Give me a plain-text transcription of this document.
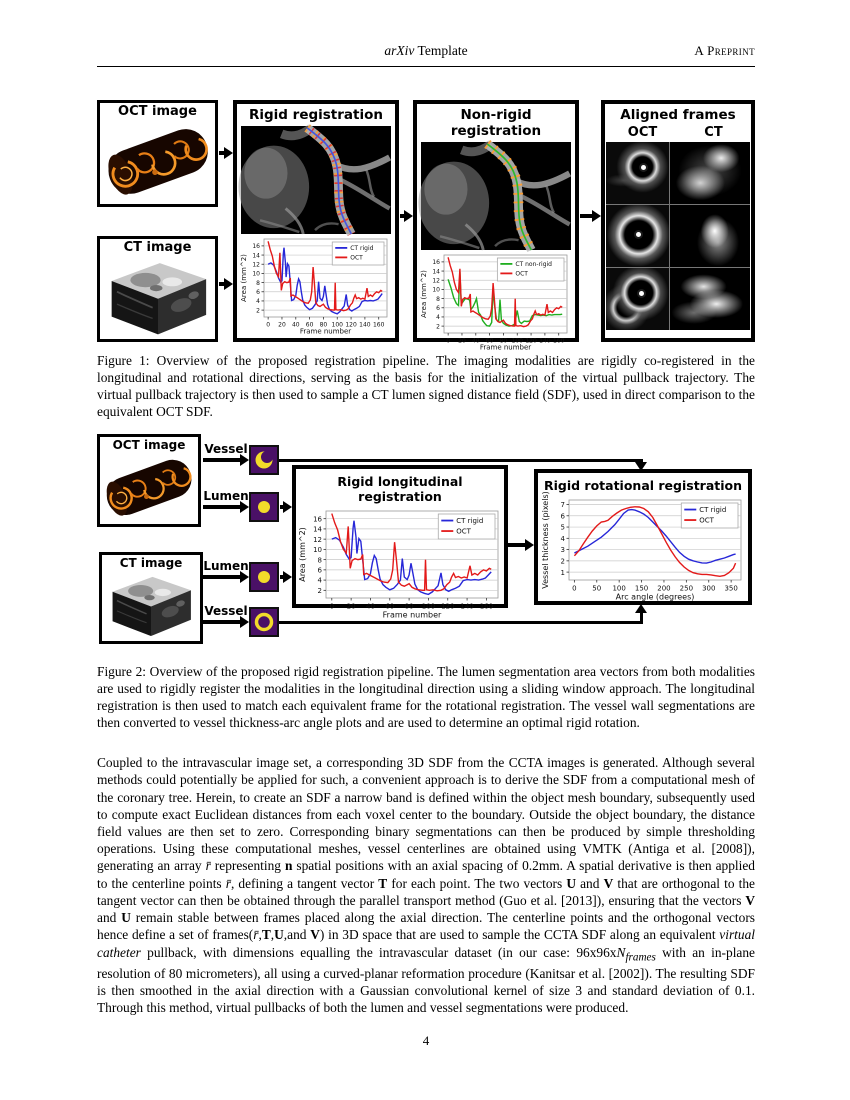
arXiv Template	A Preprint
OCT image
CT image
Rigid registration
2
4
6
8
10
12
14
16
0 20 40 60 80 100 120 140 160
Frame number
Area (mm^2)
CT rigid
OCT
Non-rigid registration
2
4
6
8
10
12
14
16
0 20 40 60 80 100 120 140 160
Frame number
Area (mm^2)
CT non-rigid
OCT
Aligned frames
OCT	CT

Figure 1: Overview of the proposed registration pipeline. The imaging modalities are rigidly co-registered in the longitudinal and rotational directions, serving as the basis for the initialization of the virtual pullback trajectory. The virtual pullback trajectory is then used to sample a CT lumen signed distance field (SDF), used in direct comparison to the equivalent OCT SDF.

OCT image
CT image
Vessel
Lumen
Lumen
Vessel
Rigid longitudinal registration
2
4
6
8
10
12
14
16
0 20 40 60 80 100 120 140 160
Frame number
Area (mm^2)
CT rigid
OCT
Rigid rotational registration
1
2
3
4
5
6
7
0 50 100 150 200 250 300 350
Arc angle (degrees)
Vessel thickness (pixels)	CT rigid
OCT

Figure 2: Overview of the proposed rigid registration pipeline. The lumen segmentation area vectors from both modalities are used to rigidly register the modalities in the longitudinal direction using a sliding window approach. The longitudinal registration is then used to match each equivalent frame for the rotational registration. The vessel wall segmentations are then converted to vessel thickness-arc angle plots and are used to determine an optimal rigid rotation.

Coupled to the intravascular image set, a corresponding 3D SDF from the CCTA images is generated. Although several methods could potentially be applied for such, a convenient approach is to derive the SDF from a computational mesh of the coronary tree. Herein, to create an SDF a narrow band is defined within the object mesh boundary, subsequently used to compute exact Euclidean distances from each voxel center to the boundary. Outside the object boundary, the distance field values are then set to zero. Corresponding binary segmentations can then be produced by simple thresholding operations. Using these computational meshes, vessel centerlines are obtained using VMTK (Antiga et al. [2008]), generating an array r̄ representing n spatial positions with an axial spacing of 0.2mm. A spatial derivative is then applied to the centerline points r̄, defining a tangent vector T for each point. The two vectors U and V that are orthogonal to the tangent vector can then be obtained through the parallel transport method (Guo et al. [2013]), ensuring that the vectors V and U remain stable between frames placed along the axial direction. The centerline points and the orthogonal vectors hence define a set of frames(r̄,T,U,and V) in 3D space that are used to sample the CCTA SDF along an equivalent virtual catheter pullback, with dimensions equalling the intravascular dataset (in our case: $96x96xN_{frames}$ with an in-plane resolution of 80 micrometers), all using a curved-planar reformation procedure (Kanitsar et al. [2002]). The resulting SDF is then smoothed in the axial direction with a Gaussian convolutional kernel of size 3 and standard deviation of 0.1. Through this method, virtual pullbacks of both the lumen and vessel segmentations were produced.

4
